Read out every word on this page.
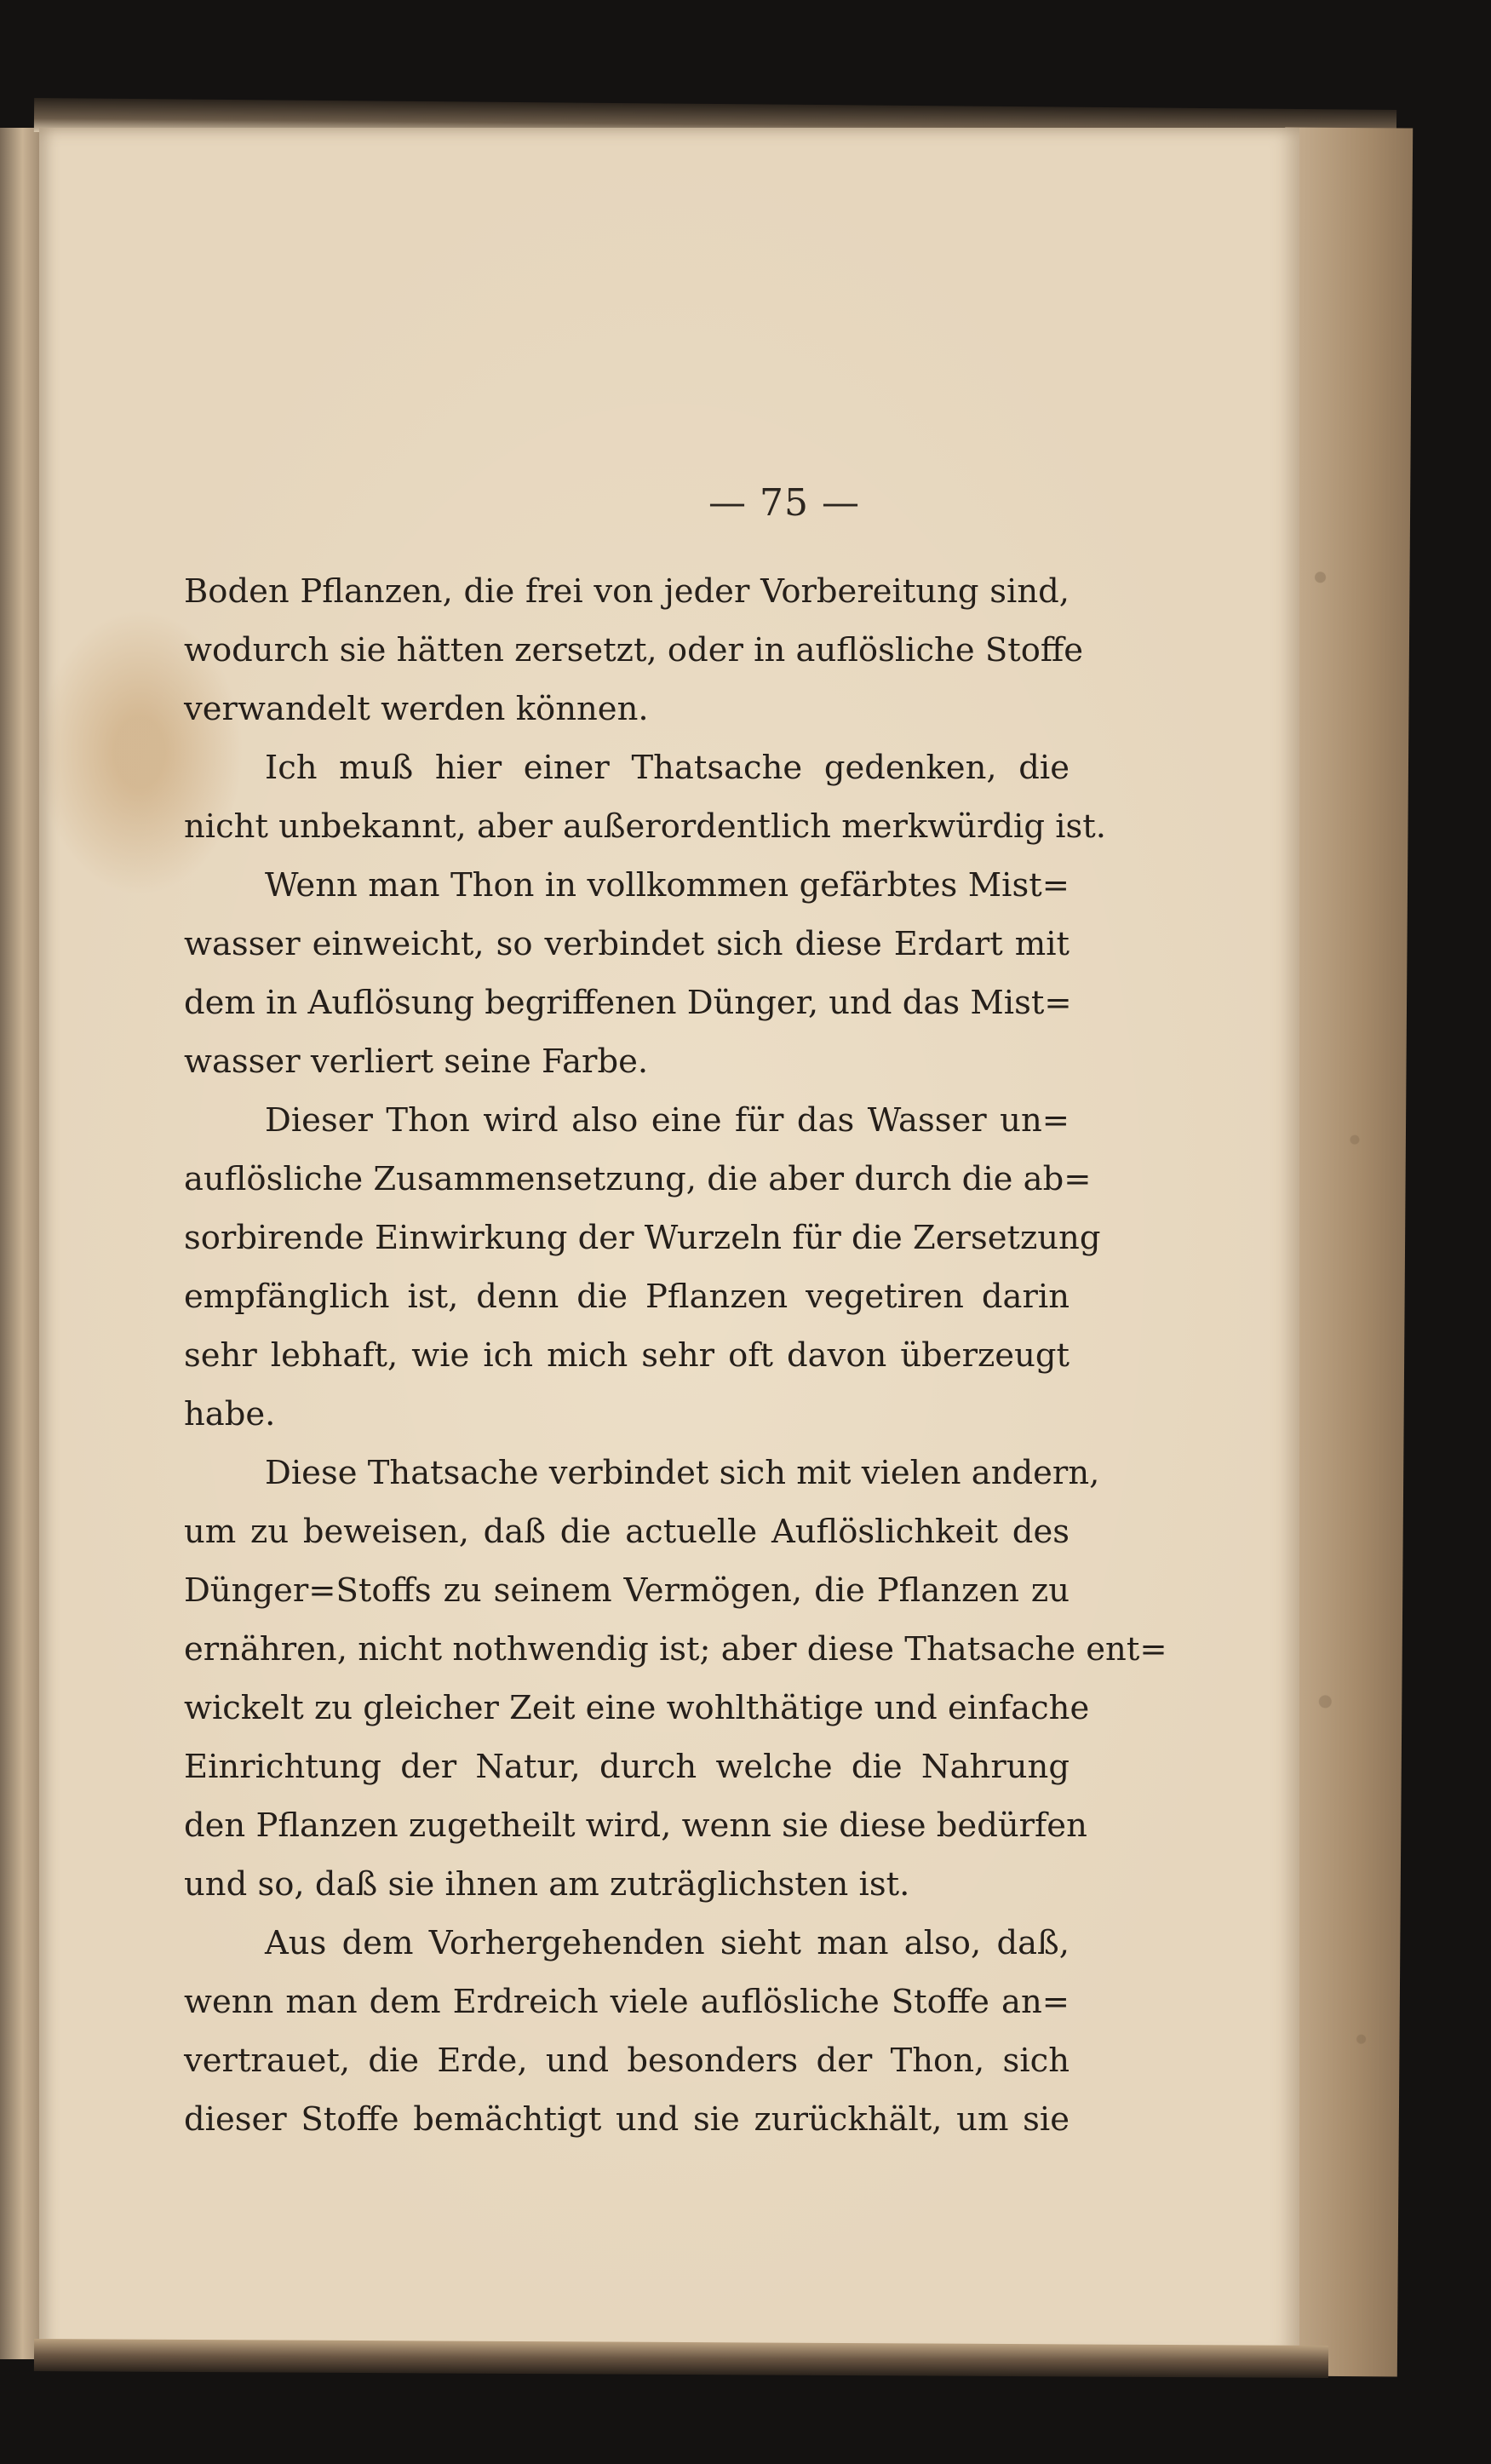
— 75 —
Boden Pflanzen, die frei von jeder Vorbereitung sind,
wodurch sie hätten zersetzt, oder in auflösliche Stoffe
verwandelt werden können.
Ich muß hier einer Thatsache gedenken, die
nicht unbekannt, aber außerordentlich merkwürdig ist.
Wenn man Thon in vollkommen gefärbtes Mist=
wasser einweicht, so verbindet sich diese Erdart mit
dem in Auflösung begriffenen Dünger, und das Mist=
wasser verliert seine Farbe.
Dieser Thon wird also eine für das Wasser un=
auflösliche Zusammensetzung, die aber durch die ab=
sorbirende Einwirkung der Wurzeln für die Zersetzung
empfänglich ist, denn die Pflanzen vegetiren darin
sehr lebhaft, wie ich mich sehr oft davon überzeugt
habe.
Diese Thatsache verbindet sich mit vielen andern,
um zu beweisen, daß die actuelle Auflöslichkeit des
Dünger=Stoffs zu seinem Vermögen, die Pflanzen zu
ernähren, nicht nothwendig ist; aber diese Thatsache ent=
wickelt zu gleicher Zeit eine wohlthätige und einfache
Einrichtung der Natur, durch welche die Nahrung
den Pflanzen zugetheilt wird, wenn sie diese bedürfen
und so, daß sie ihnen am zuträglichsten ist.
Aus dem Vorhergehenden sieht man also, daß,
wenn man dem Erdreich viele auflösliche Stoffe an=
vertrauet, die Erde, und besonders der Thon, sich
dieser Stoffe bemächtigt und sie zurückhält, um sie
